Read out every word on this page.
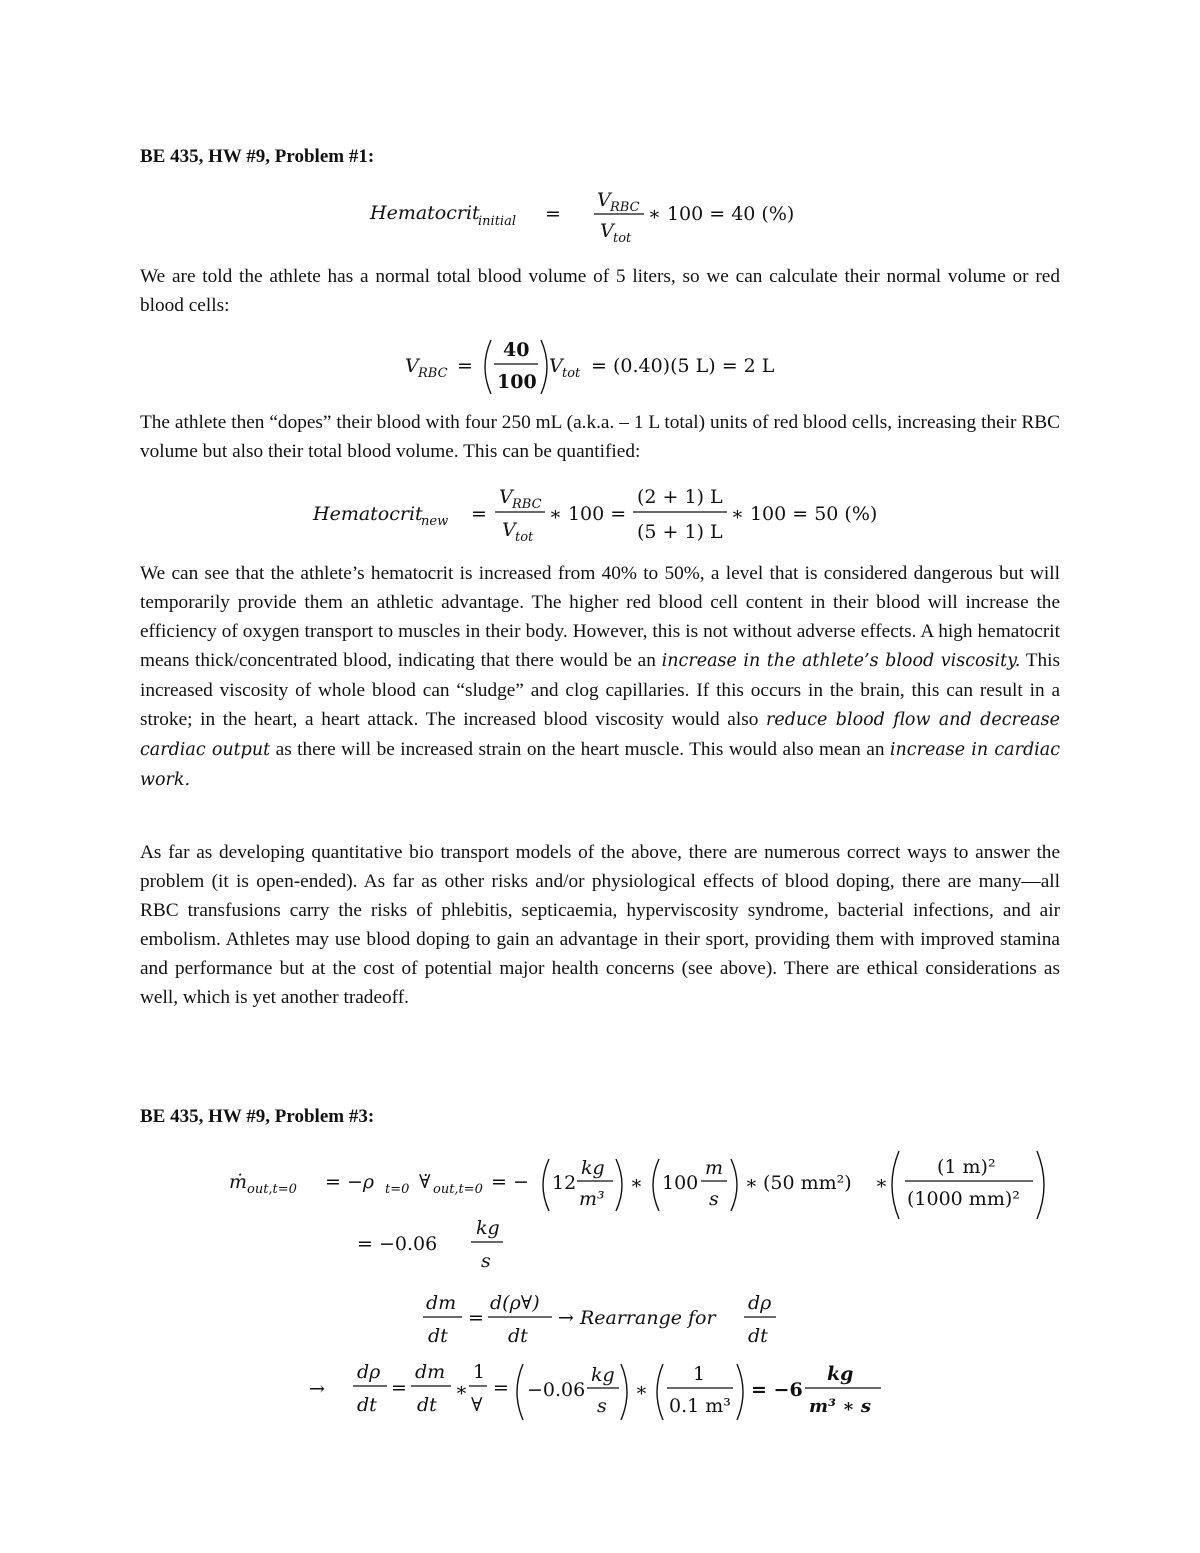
BE 435, HW #9, Problem #1:
Hematocrit
initial =
V RBC
V tot
∗ 100 = 40 (%)
We are told the athlete has a normal total blood volume of 5 liters, so we can calculate their normal volume or red blood cells:
V RBC =
40
100
V tot = (0.40)(5 L) = 2 L
The athlete then “dopes” their blood with four 250 mL (a.k.a. – 1 L total) units of red blood cells, increasing their RBC volume but also their total blood volume. This can be quantified:
Hematocrit
new =
V RBC
V tot
∗ 100 =
(2 + 1) L
(5 + 1) L
∗ 100 = 50 (%)
We can see that the athlete’s hematocrit is increased from 40% to 50%, a level that is considered dangerous but will temporarily provide them an athletic advantage. The higher red blood cell content in their blood will increase the efficiency of oxygen transport to muscles in their body. However, this is not without adverse effects. A high hematocrit means thick/concentrated blood, indicating that there would be an increase in the athlete’s blood viscosity. This increased viscosity of whole blood can “sludge” and clog capillaries. If this occurs in the brain, this can result in a stroke; in the heart, a heart attack. The increased blood viscosity would also reduce blood flow and decrease cardiac output as there will be increased strain on the heart muscle. This would also mean an increase in cardiac work.
As far as developing quantitative bio transport models of the above, there are numerous correct ways to answer the problem (it is open-ended). As far as other risks and/or physiological effects of blood doping, there are many—all RBC transfusions carry the risks of phlebitis, septicaemia, hyperviscosity syndrome, bacterial infections, and air embolism. Athletes may use blood doping to gain an advantage in their sport, providing them with improved stamina and performance but at the cost of potential major health concerns (see above). There are ethical considerations as well, which is yet another tradeoff.
BE 435, HW #9, Problem #3:
ṁ out,t=0 = −ρ t=0 ∀̇ out,t=0 = − 12
kg
m³
∗ 100
m
s
∗ (50 mm²) ∗
(1 m)²
(1000 mm)²
= −0.06
kg
s
dm
dt
=
d(ρ∀)
dt
→ Rearrange for
dρ
dt
→
dρ
dt
=
dm
dt
∗
1
∀
= −0.06
kg
s
∗
1
0.1 m³
= −6
kg
m³ ∗ s
